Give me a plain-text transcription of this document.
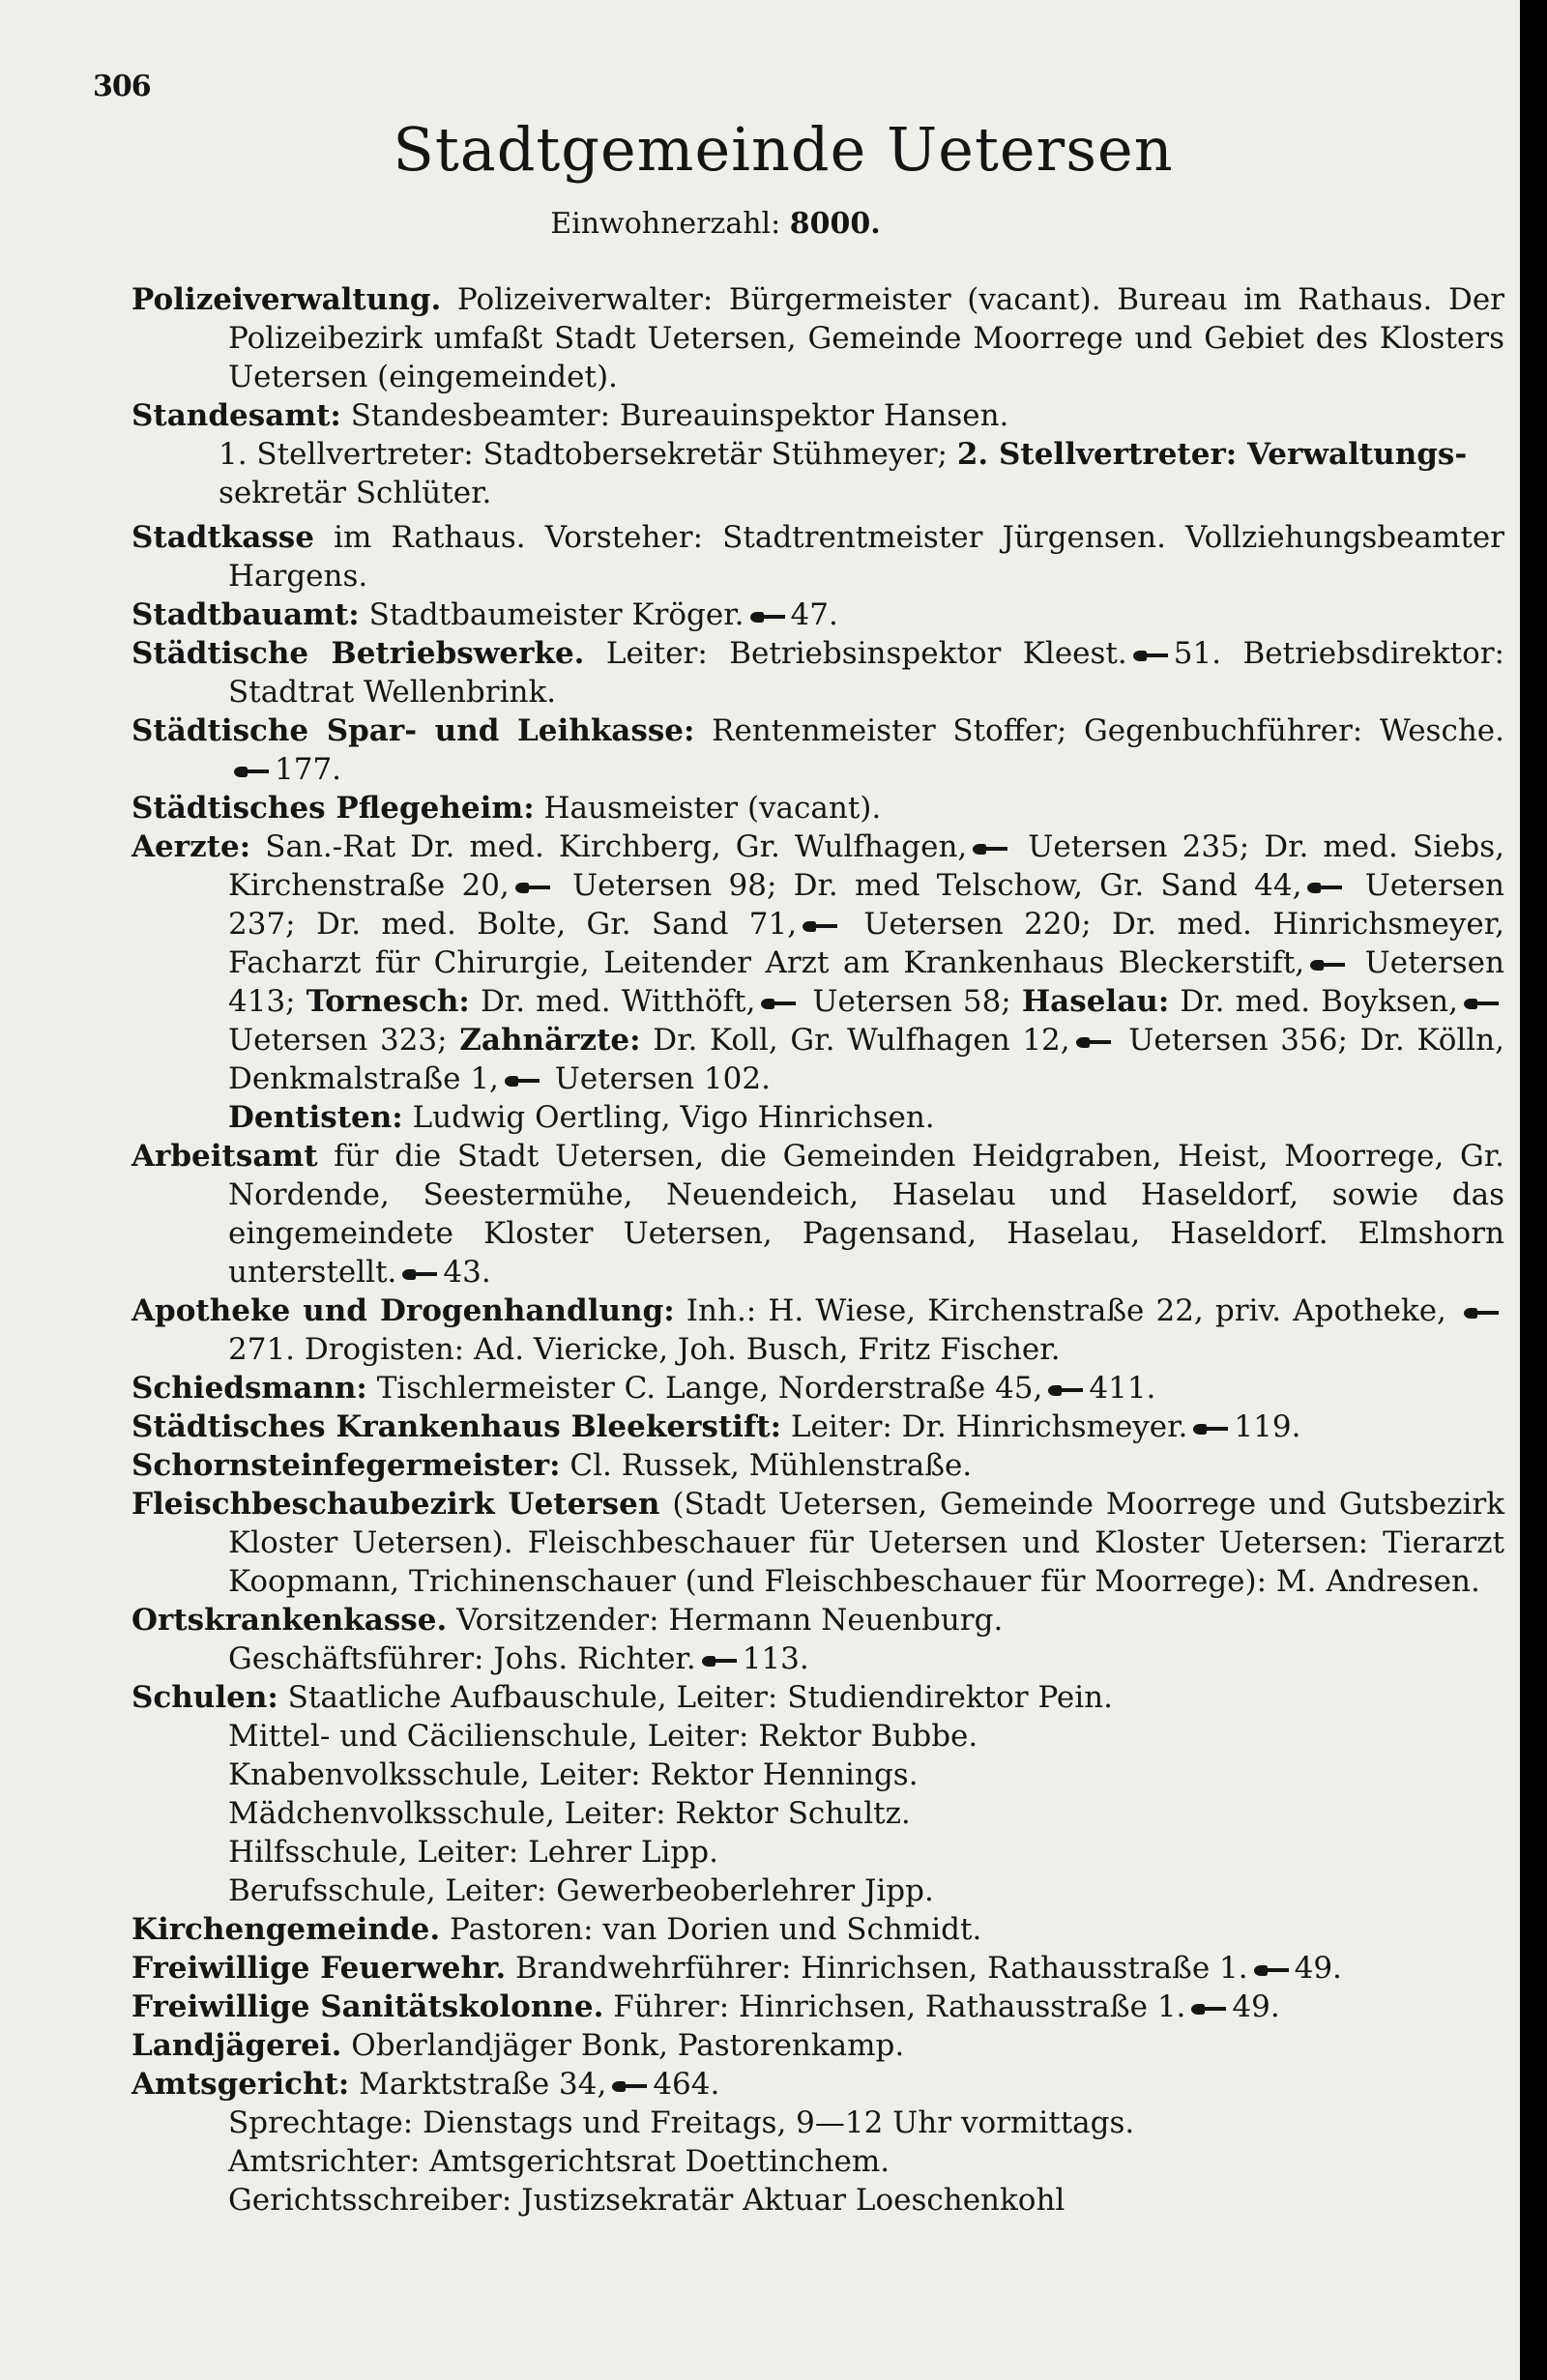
306
Stadtgemeinde Uetersen
Einwohnerzahl: 8000.

Polizeiverwaltung. Polizeiverwalter: Bürgermeister (vacant). Bureau im Rathaus. Der Polizeibezirk umfaßt Stadt Uetersen, Gemeinde Moorrege und Gebiet des Klosters Uetersen (eingemeindet).

Standesamt: Standesbeamter: Bureauinspektor Hansen.

1. Stellvertreter: Stadtobersekretär Stühmeyer; 2. Stellvertreter: Verwaltungs-
sekretär Schlüter.

Stadtkasse im Rathaus. Vorsteher: Stadtrentmeister Jürgensen. Vollziehungsbeamter Hargens.

Stadtbauamt: Stadtbaumeister Kröger. 47.

Städtische Betriebswerke. Leiter: Betriebsinspektor Kleest. 51. Betriebsdirektor: Stadtrat Wellenbrink.

Städtische Spar- und Leihkasse: Rentenmeister Stoffer; Gegenbuchführer: Wesche. 177.

Städtisches Pflegeheim: Hausmeister (vacant).

Aerzte: San.-Rat Dr. med. Kirchberg, Gr. Wulfhagen, Uetersen 235; Dr. med. Siebs, Kirchenstraße 20, Uetersen 98; Dr. med Telschow, Gr. Sand 44, Uetersen 237; Dr. med. Bolte, Gr. Sand 71, Uetersen 220; Dr. med. Hinrichsmeyer, Facharzt für Chirurgie, Leitender Arzt am Krankenhaus Bleckerstift, Uetersen 413; Tornesch: Dr. med. Witthöft, Uetersen 58; Haselau: Dr. med. Boyksen, Uetersen 323; Zahnärzte: Dr. Koll, Gr. Wulfhagen 12, Uetersen 356; Dr. Kölln, Denkmalstraße 1, Uetersen 102.

Dentisten: Ludwig Oertling, Vigo Hinrichsen.

Arbeitsamt für die Stadt Uetersen, die Gemeinden Heidgraben, Heist, Moorrege, Gr. Nordende, Seestermühe, Neuendeich, Haselau und Haseldorf, sowie das eingemeindete Kloster Uetersen, Pagensand, Haselau, Haseldorf. Elmshorn unterstellt. 43.

Apotheke und Drogenhandlung: Inh.: H. Wiese, Kirchenstraße 22, priv. Apotheke, 271. Drogisten: Ad. Viericke, Joh. Busch, Fritz Fischer.

Schiedsmann: Tischlermeister C. Lange, Norderstraße 45, 411.

Städtisches Krankenhaus Bleekerstift: Leiter: Dr. Hinrichsmeyer. 119.

Schornsteinfegermeister: Cl. Russek, Mühlenstraße.

Fleischbeschaubezirk Uetersen (Stadt Uetersen, Gemeinde Moorrege und Gutsbezirk Kloster Uetersen). Fleischbeschauer für Uetersen und Kloster Uetersen: Tierarzt Koopmann, Trichinenschauer (und Fleischbeschauer für Moorrege): M. Andresen.

Ortskrankenkasse. Vorsitzender: Hermann Neuenburg.

Geschäftsführer: Johs. Richter. 113.

Schulen: Staatliche Aufbauschule, Leiter: Studiendirektor Pein.

Mittel- und Cäcilienschule, Leiter: Rektor Bubbe.

Knabenvolksschule, Leiter: Rektor Hennings.

Mädchenvolksschule, Leiter: Rektor Schultz.

Hilfsschule, Leiter: Lehrer Lipp.

Berufsschule, Leiter: Gewerbeoberlehrer Jipp.

Kirchengemeinde. Pastoren: van Dorien und Schmidt.

Freiwillige Feuerwehr. Brandwehrführer: Hinrichsen, Rathausstraße 1. 49.

Freiwillige Sanitätskolonne. Führer: Hinrichsen, Rathausstraße 1. 49.

Landjägerei. Oberlandjäger Bonk, Pastorenkamp.

Amtsgericht: Marktstraße 34, 464.

Sprechtage: Dienstags und Freitags, 9—12 Uhr vormittags.

Amtsrichter: Amtsgerichtsrat Doettinchem.

Gerichtsschreiber: Justizsekratär Aktuar Loeschenkohl
